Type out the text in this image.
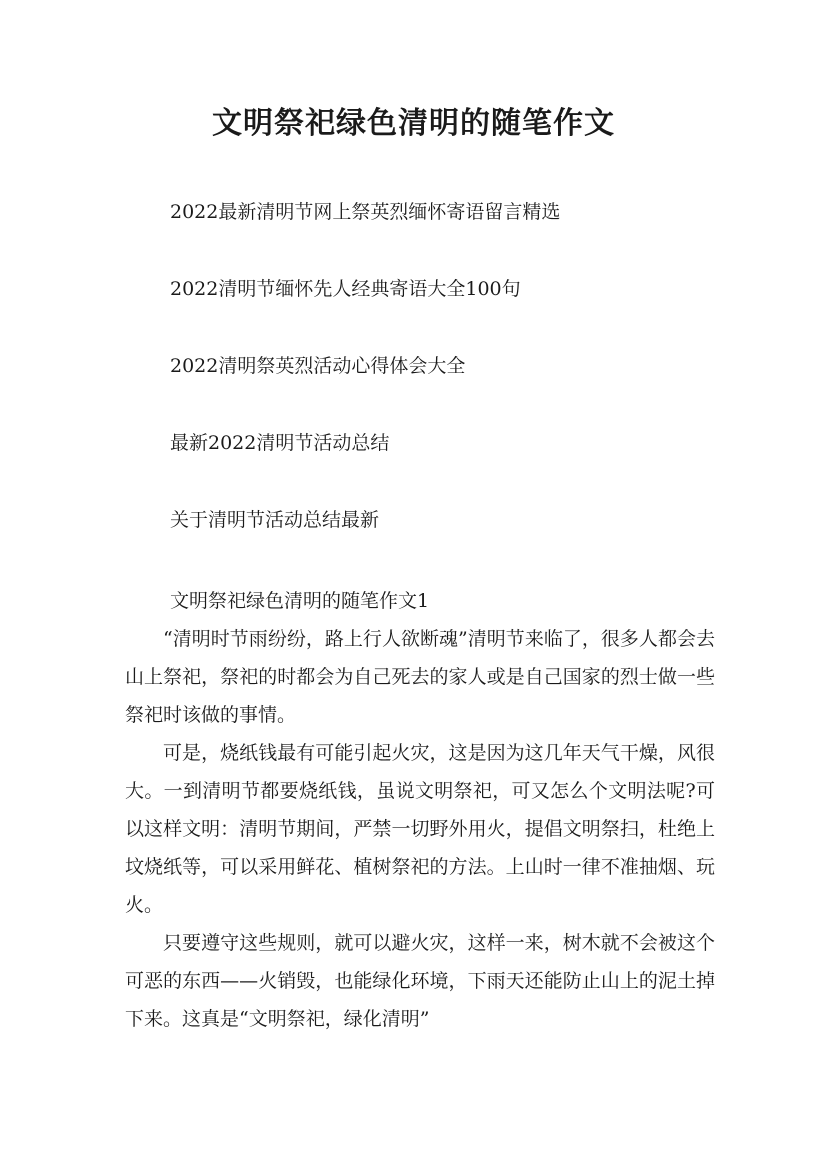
文明祭祀绿色清明的随笔作文
2022最新清明节网上祭英烈缅怀寄语留言精选
2022清明节缅怀先人经典寄语大全100句
2022清明祭英烈活动心得体会大全
最新2022清明节活动总结
关于清明节活动总结最新

文明祭祀绿色清明的随笔作文1

“清明时节雨纷纷，路上行人欲断魂”清明节来临了，很多人都会去山上祭祀，祭祀的时都会为自己死去的家人或是自己国家的烈士做一些祭祀时该做的事情。

可是，烧纸钱最有可能引起火灾，这是因为这几年天气干燥，风很大。一到清明节都要烧纸钱，虽说文明祭祀，可又怎么个文明法呢?可以这样文明：清明节期间，严禁一切野外用火，提倡文明祭扫，杜绝上坟烧纸等，可以采用鲜花、植树祭祀的方法。上山时一律不准抽烟、玩火。

只要遵守这些规则，就可以避火灾，这样一来，树木就不会被这个可恶的东西——火销毁，也能绿化环境，下雨天还能防止山上的泥土掉下来。这真是“文明祭祀，绿化清明”
